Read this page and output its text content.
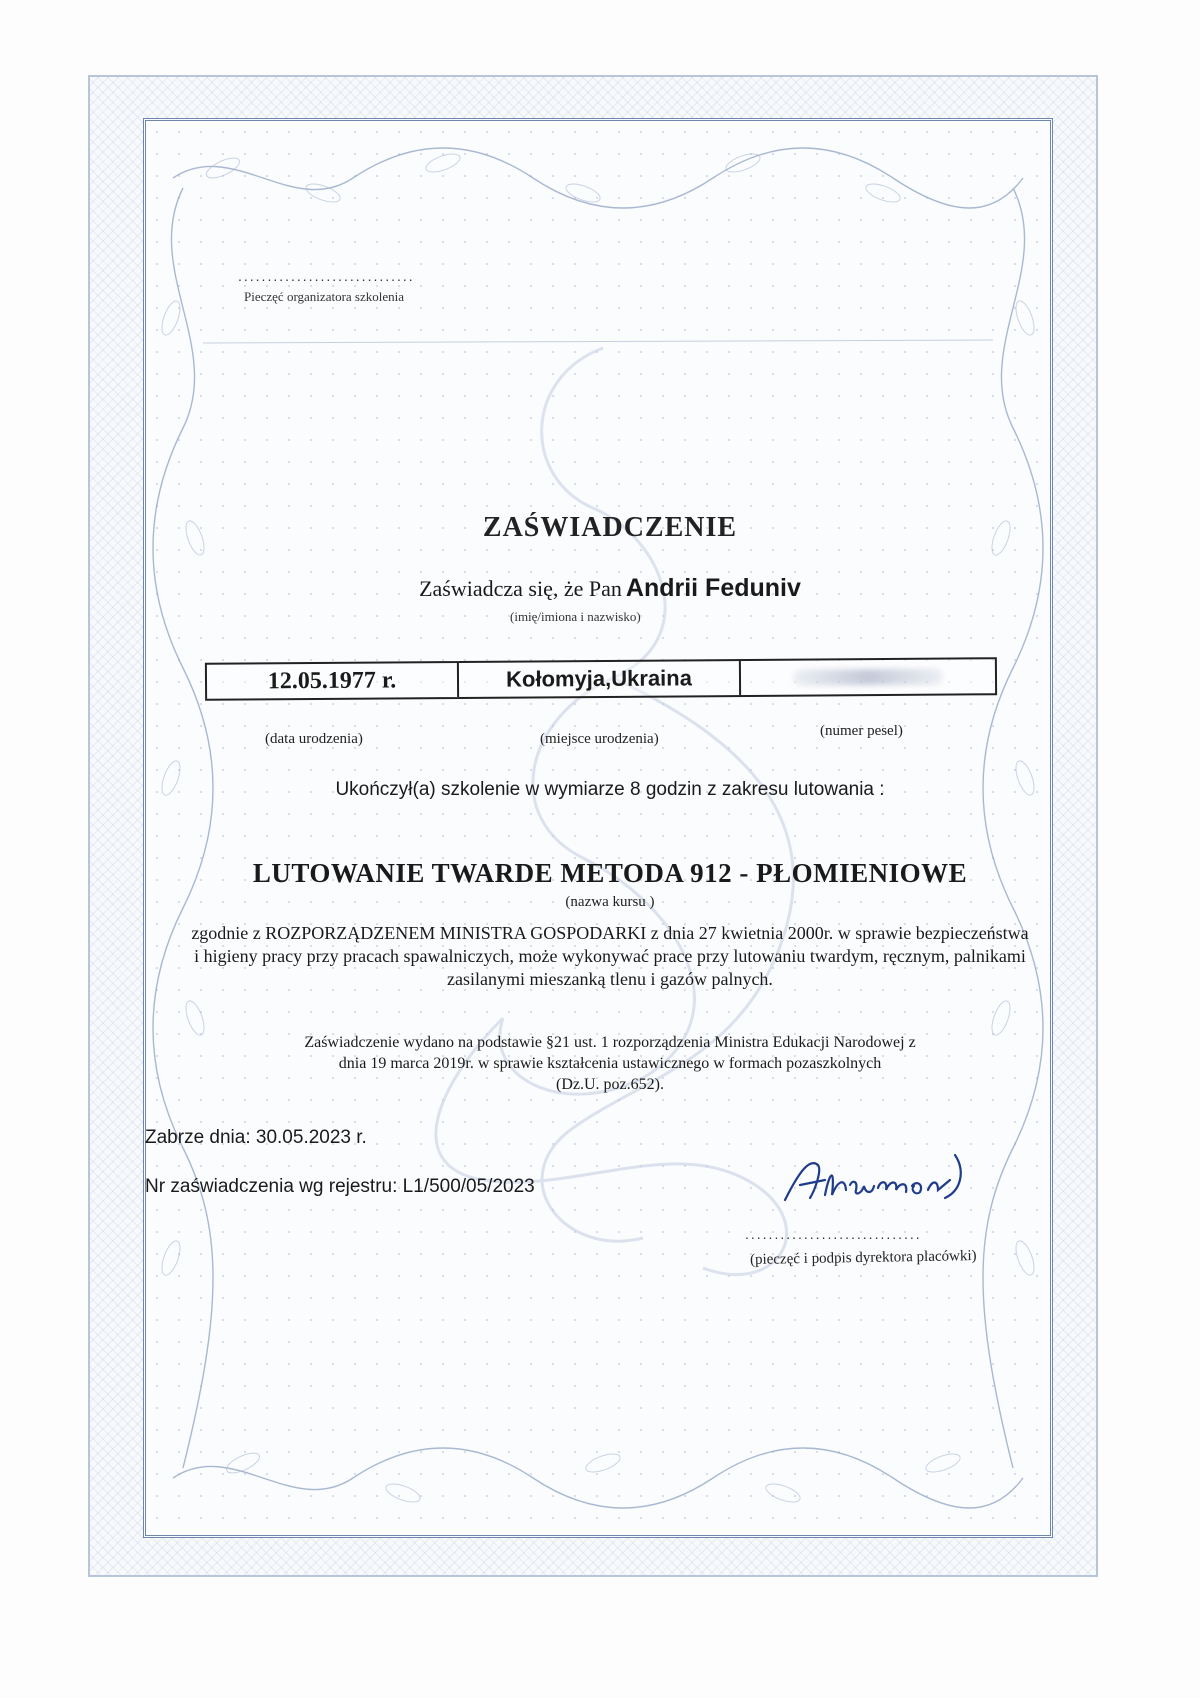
..............................
Pieczęć organizatora szkolenia
ZAŚWIADCZENIE
Zaświadcza się, że Pan Andrii Feduniv
(imię/imiona i nazwisko)
12.05.1977 r.	Kołomyja,Ukraina
(data urodzenia)	(miejsce urodzenia)	(numer pesel)
Ukończył(a) szkolenie w wymiarze 8 godzin z zakresu lutowania :
LUTOWANIE TWARDE METODA 912 - PŁOMIENIOWE
(nazwa kursu )
zgodnie z ROZPORZĄDZENEM MINISTRA GOSPODARKI z dnia 27 kwietnia 2000r. w sprawie bezpieczeństwa
i higieny pracy przy pracach spawalniczych, może wykonywać prace przy lutowaniu twardym, ręcznym, palnikami
zasilanymi mieszanką tlenu i gazów palnych.
Zaświadczenie wydano na podstawie §21 ust. 1 rozporządzenia Ministra Edukacji Narodowej z
dnia 19 marca 2019r. w sprawie kształcenia ustawicznego w formach pozaszkolnych
(Dz.U. poz.652).
Zabrze dnia: 30.05.2023 r.
Nr zaświadczenia wg rejestru: L1/500/05/2023
..............................
(pieczęć i podpis dyrektora placówki)
